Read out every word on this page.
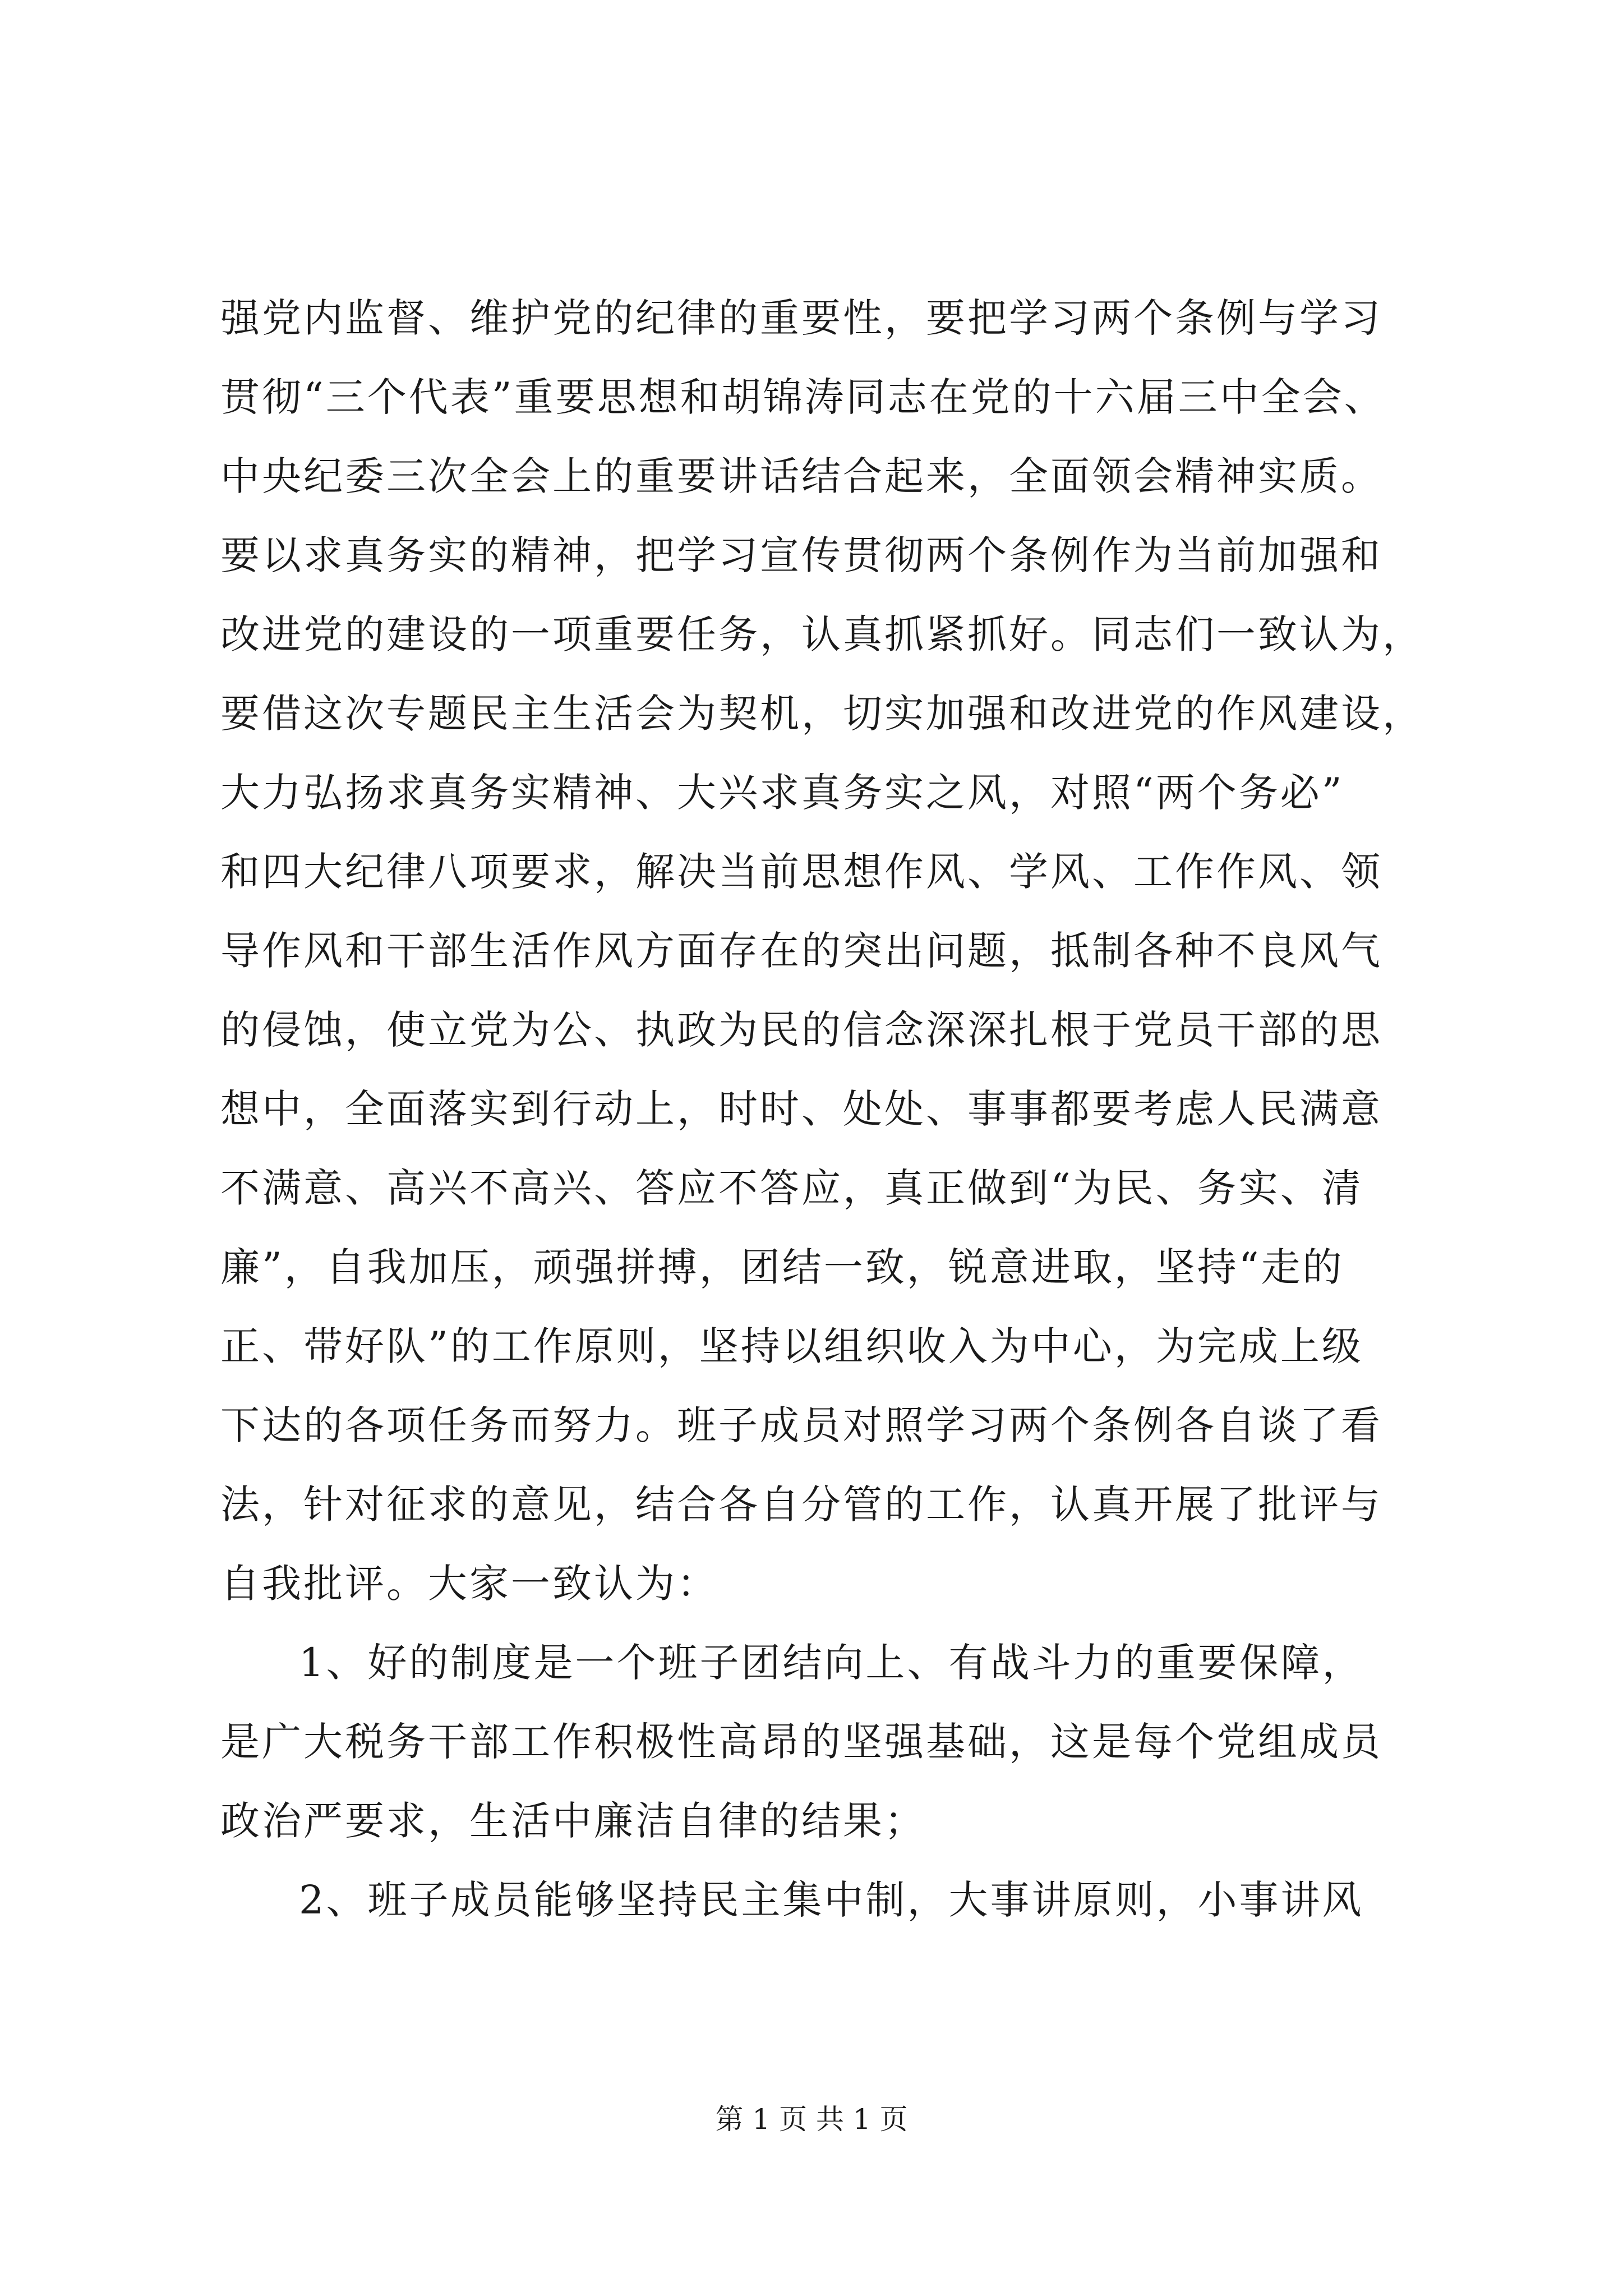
强党内监督、维护党的纪律的重要性，要把学习两个条例与学习
贯彻“三个代表”重要思想和胡锦涛同志在党的十六届三中全会、
中央纪委三次全会上的重要讲话结合起来，全面领会精神实质。
要以求真务实的精神，把学习宣传贯彻两个条例作为当前加强和
改进党的建设的一项重要任务，认真抓紧抓好。同志们一致认为，
要借这次专题民主生活会为契机，切实加强和改进党的作风建设，
大力弘扬求真务实精神、大兴求真务实之风，对照“两个务必”
和四大纪律八项要求，解决当前思想作风、学风、工作作风、领
导作风和干部生活作风方面存在的突出问题，抵制各种不良风气
的侵蚀，使立党为公、执政为民的信念深深扎根于党员干部的思
想中，全面落实到行动上，时时、处处、事事都要考虑人民满意
不满意、高兴不高兴、答应不答应，真正做到“为民、务实、清
廉”，自我加压，顽强拼搏，团结一致，锐意进取，坚持“走的
正、带好队”的工作原则，坚持以组织收入为中心，为完成上级
下达的各项任务而努力。班子成员对照学习两个条例各自谈了看
法，针对征求的意见，结合各自分管的工作，认真开展了批评与
自我批评。大家一致认为：
1、好的制度是一个班子团结向上、有战斗力的重要保障，
是广大税务干部工作积极性高昂的坚强基础，这是每个党组成员
政治严要求，生活中廉洁自律的结果；
2、班子成员能够坚持民主集中制，大事讲原则，小事讲风
第 1 页 共 1 页
